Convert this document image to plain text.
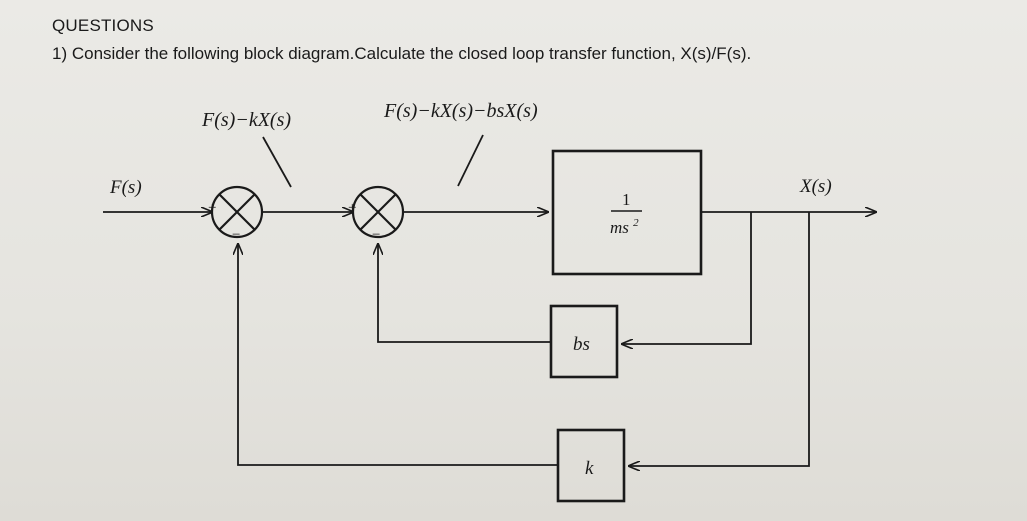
QUESTIONS
1) Consider the following block diagram.Calculate the closed loop transfer function, X(s)/F(s).
F(s)	X(s)
F(s)−kX(s)	F(s)−kX(s)−bsX(s)
+
−
+
−
1
ms $^2$
bs
k
